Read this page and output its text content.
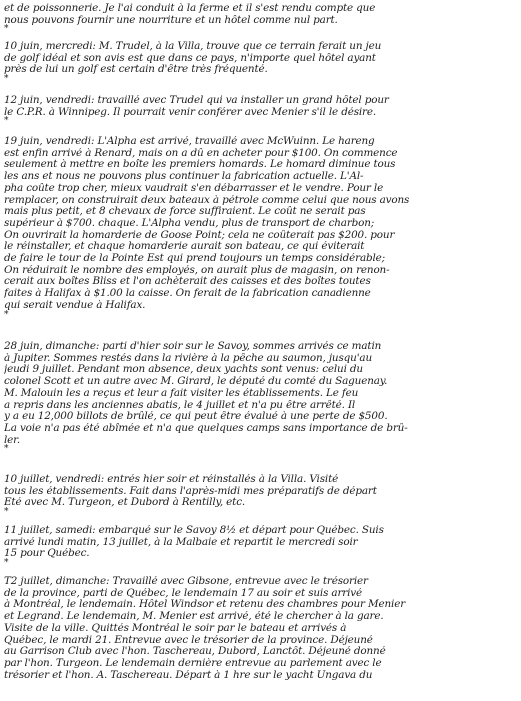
et de poissonnerie. Je l'ai conduit à la ferme et il s'est rendu compte que
nous pouvons fournir une nourriture et un hôtel comme nul part.
*
10 juin, mercredi: M. Trudel, à la Villa, trouve que ce terrain ferait un jeu
de golf idéal et son avis est que dans ce pays, n'importe quel hôtel ayant
près de lui un golf est certain d'être très fréquenté.
*
12 juin, vendredi: travaillé avec Trudel qui va installer un grand hôtel pour
le C.P.R. à Winnipeg. Il pourrait venir conférer avec Menier s'il le désire.
*
19 juin, vendredi: L'Alpha est arrivé, travaillé avec McWuinn. Le hareng
est enfin arrivé à Renard, mais on a dû en acheter pour $100. On commence
seulement à mettre en boîte les premiers homards. Le homard diminue tous
les ans et nous ne pouvons plus continuer la fabrication actuelle. L'Al-
pha coûte trop cher, mieux vaudrait s'en débarrasser et le vendre. Pour le
remplacer, on construirait deux bateaux à pétrole comme celui que nous avons
mais plus petit, et 8 chevaux de force suffiraient. Le coût ne serait pas
supérieur à $700. chaque. L'Alpha vendu, plus de transport de charbon;
On ouvrirait la homarderie de Goose Point; cela ne coûterait pas $200. pour
le réinstaller, et chaque homarderie aurait son bateau, ce qui éviterait
de faire le tour de la Pointe Est qui prend toujours un temps considérable;
On réduirait le nombre des employés, on aurait plus de magasin, on renon-
cerait aux boîtes Bliss et l'on achèterait des caisses et des boîtes toutes
faites à Halifax à $1.00 la caisse. On ferait de la fabrication canadienne
qui serait vendue à Halifax.
*
28 juin, dimanche: parti d'hier soir sur le Savoy, sommes arrivés ce matin
à Jupiter. Sommes restés dans la rivière à la pêche au saumon, jusqu'au
jeudi 9 juillet. Pendant mon absence, deux yachts sont venus: celui du
colonel Scott et un autre avec M. Girard, le député du comté du Saguenay.
M. Malouin les a reçus et leur a fait visiter les établissements. Le feu
a repris dans les anciennes abatis, le 4 juillet et n'a pu être arrêté. Il
y a eu 12,000 billots de brûlé, ce qui peut être évalué à une perte de $500.
La voie n'a pas été abîmée et n'a que quelques camps sans importance de brû-
ler.
*
10 juillet, vendredi: entrés hier soir et réinstallés à la Villa. Visité
tous les établissements. Fait dans l'après-midi mes préparatifs de départ
Été avec M. Turgeon, et Dubord à Rentilly, etc.
*
11 juillet, samedi: embarqué sur le Savoy 8½ et départ pour Québec. Suis
arrivé lundi matin, 13 juillet, à la Malbaie et repartit le mercredi soir
15 pour Québec.
*
T2 juillet, dimanche: Travaillé avec Gibsone, entrevue avec le trésorier
de la province, parti de Québec, le lendemain 17 au soir et suis arrivé
à Montréal, le lendemain. Hôtel Windsor et retenu des chambres pour Menier
et Legrand. Le lendemain, M. Menier est arrivé, été le chercher à la gare.
Visite de la ville. Quittés Montréal le soir par le bateau et arrivés à
Québec, le mardi 21. Entrevue avec le trésorier de la province. Déjeuné
au Garrison Club avec l'hon. Taschereau, Dubord, Lanctôt. Déjeuné donné
par l'hon. Turgeon. Le lendemain dernière entrevue au parlement avec le
trésorier et l'hon. A. Taschereau. Départ à 1 hre sur le yacht Ungava du
